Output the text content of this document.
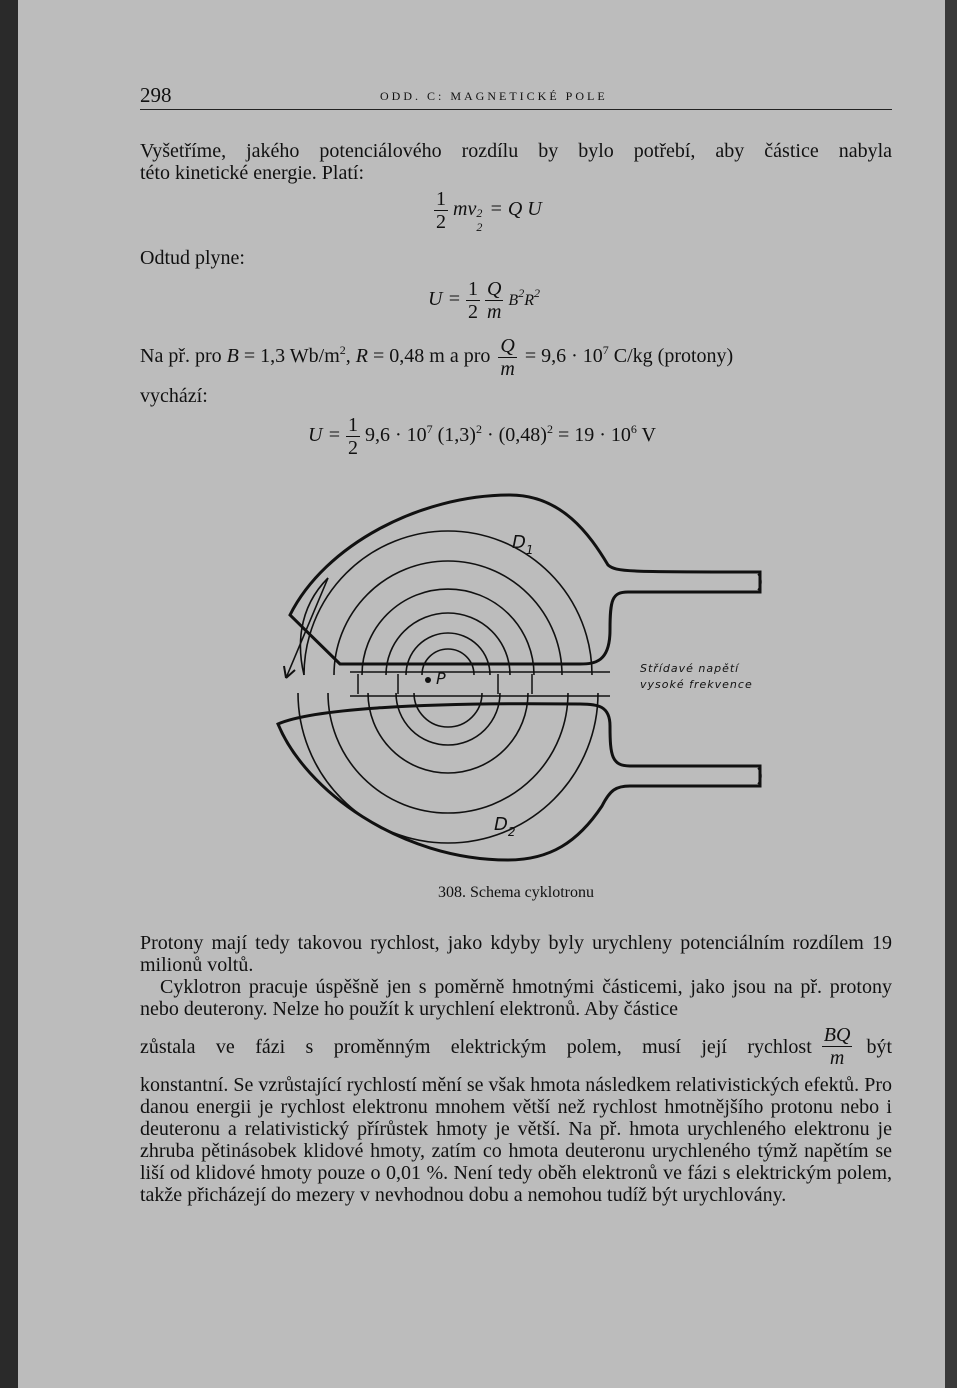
298	ODD. C: MAGNETICKÉ POLE

Vyšetříme, jakého potenciálového rozdílu by bylo potřebí, aby částice nabyla

této kinetické energie. Platí:

$\frac{1}{2}$ mv 2
2
= Q U

Odtud plyne:

$U = \frac{1}{2}$
$\frac{Q}{m} B^2R^2$
Na př. pro B = 1,3 $Wb/m^2$, R = 0,48 m a pro $\frac{Q}{m} = 9,6 \cdot 10^7$ C/kg (protony)

vychází:

$U = \frac{1}{2} 9,6 \cdot 10^7$ $(1,3)^2 \cdot (0,48)^2 = 19 \cdot 10^6$ V
$D_1$
$D_2$
P
Střídavé napětí
vysoké frekvence
308. Schema cyklotronu

Protony mají tedy takovou rychlost, jako kdyby byly urychleny potenciálním rozdílem 19 milionů voltů.

Cyklotron pracuje úspěšně jen s poměrně hmotnými částicemi, jako jsou na př. protony nebo deuterony. Nelze ho použít k urychlení elektronů. Aby částice

zůstala ve fázi s proměnným elektrickým polem, musí její rychlost $\frac{BQ}{m}$ být

konstantní. Se vzrůstající rychlostí mění se však hmota následkem relativistických efektů. Pro danou energii je rychlost elektronu mnohem větší než rychlost hmotnějšího protonu nebo i deuteronu a relativistický přírůstek hmoty je větší. Na př. hmota urychleného elektronu je zhruba pětinásobek klidové hmoty, zatím co hmota deuteronu urychleného týmž napětím se liší od klidové hmoty pouze o 0,01 %. Není tedy oběh elektronů ve fázi s elektrickým polem, takže přicházejí do mezery v nevhodnou dobu a nemohou tudíž být urychlovány.
